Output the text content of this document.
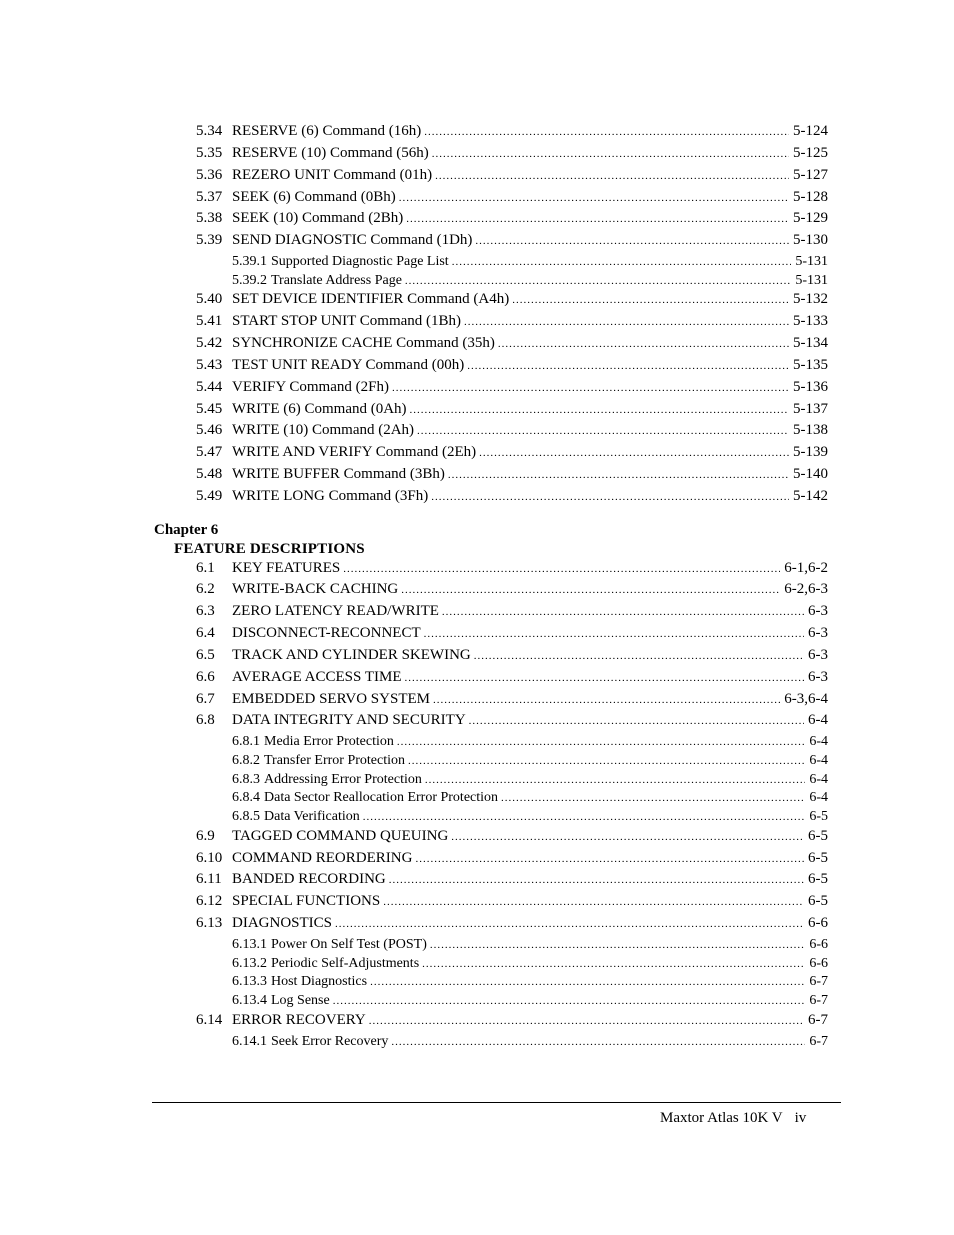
5.34 RESERVE (6) Command (16h) .....	5-124
5.35 RESERVE (10) Command (56h) .....	5-125
5.36 REZERO UNIT Command (01h) .....	5-127
5.37 SEEK (6) Command (0Bh) .....	5-128
5.38 SEEK (10) Command (2Bh) .....	5-129
5.39 SEND DIAGNOSTIC Command (1Dh) .....	5-130
5.39.1 Supported Diagnostic Page List .....	5-131
5.39.2 Translate Address Page .....	5-131
5.40 SET DEVICE IDENTIFIER Command (A4h) .....	5-132
5.41 START STOP UNIT Command (1Bh) .....	5-133
5.42 SYNCHRONIZE CACHE Command (35h) .....	5-134
5.43 TEST UNIT READY Command (00h) .....	5-135
5.44 VERIFY Command (2Fh) .....	5-136
5.45 WRITE (6) Command (0Ah) .....	5-137
5.46 WRITE (10) Command (2Ah) .....	5-138
5.47 WRITE AND VERIFY Command (2Eh) .....	5-139
5.48 WRITE BUFFER Command (3Bh) .....	5-140
5.49 WRITE LONG Command (3Fh) .....	5-142
Chapter 6
FEATURE DESCRIPTIONS
6.1	KEY FEATURES .....	6-1,6-2
6.2	WRITE-BACK CACHING .....	6-2,6-3
6.3	ZERO LATENCY READ/WRITE .....	6-3
6.4	DISCONNECT-RECONNECT .....	6-3
6.5	TRACK AND CYLINDER SKEWING .....	6-3
6.6	AVERAGE ACCESS TIME .....	6-3
6.7	EMBEDDED SERVO SYSTEM .....	6-3,6-4
6.8	DATA INTEGRITY AND SECURITY .....	6-4
6.8.1 Media Error Protection .....	6-4
6.8.2 Transfer Error Protection .....	6-4
6.8.3 Addressing Error Protection .....	6-4
6.8.4 Data Sector Reallocation Error Protection .....	6-4
6.8.5 Data Verification .....	6-5
6.9	TAGGED COMMAND QUEUING .....	6-5
6.10 COMMAND REORDERING .....	6-5
6.11 BANDED RECORDING .....	6-5
6.12 SPECIAL FUNCTIONS .....	6-5
6.13 DIAGNOSTICS .....	6-6
6.13.1 Power On Self Test (POST) .....	6-6
6.13.2 Periodic Self-Adjustments .....	6-6
6.13.3 Host Diagnostics .....	6-7
6.13.4 Log Sense .....	6-7
6.14 ERROR RECOVERY .....	6-7
6.14.1 Seek Error Recovery .....	6-7
Maxtor Atlas 10K V iv
